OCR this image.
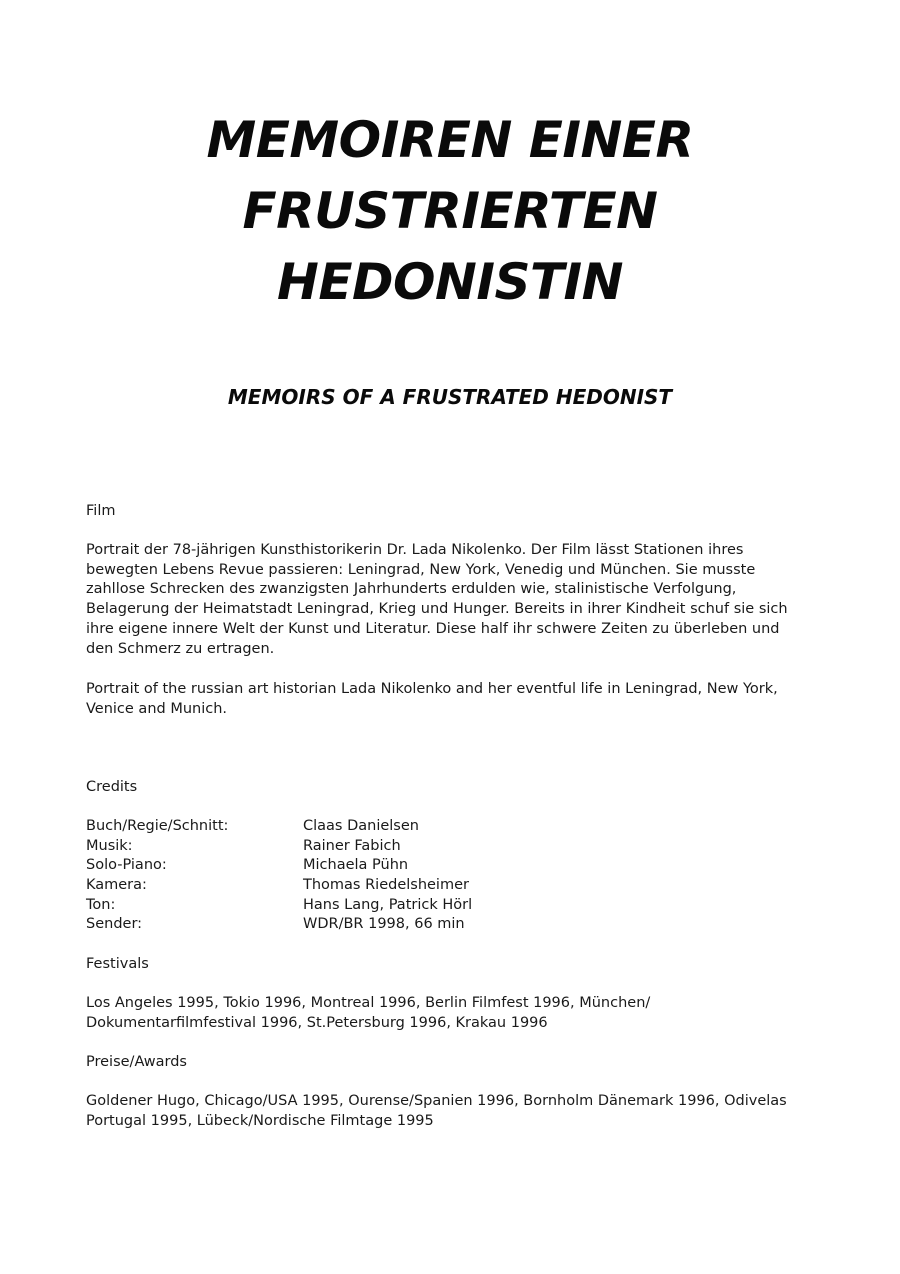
MEMOIREN EINER
FRUSTRIERTEN
HEDONISTIN
MEMOIRS OF A FRUSTRATED HEDONIST

Film

Portrait der 78-jährigen Kunsthistorikerin Dr. Lada Nikolenko. Der Film lässt Stationen ihres bewegten Lebens Revue passieren: Leningrad, New York, Venedig und München. Sie musste zahllose Schrecken des zwanzigsten Jahrhunderts erdulden wie, stalinistische Verfolgung, Belagerung der Heimatstadt Leningrad, Krieg und Hunger. Bereits in ihrer Kindheit schuf sie sich ihre eigene innere Welt der Kunst und Literatur. Diese half ihr schwere Zeiten zu überleben und den Schmerz zu ertragen.

Portrait of the russian art historian Lada Nikolenko and her eventful life in Leningrad, New York, Venice and Munich.

Credits

Buch/Regie/Schnitt:	Claas Danielsen
Musik:	Rainer Fabich
Solo-Piano:	Michaela Pühn
Kamera:	Thomas Riedelsheimer
Ton:	Hans Lang, Patrick Hörl
Sender:	WDR/BR 1998, 66 min

Festivals

Los Angeles 1995, Tokio 1996, Montreal 1996, Berlin Filmfest 1996, München/ Dokumentarfilmfestival 1996, St.Petersburg 1996, Krakau 1996

Preise/Awards

Goldener Hugo, Chicago/USA 1995, Ourense/Spanien 1996, Bornholm Dänemark 1996, Odivelas Portugal 1995, Lübeck/Nordische Filmtage 1995
